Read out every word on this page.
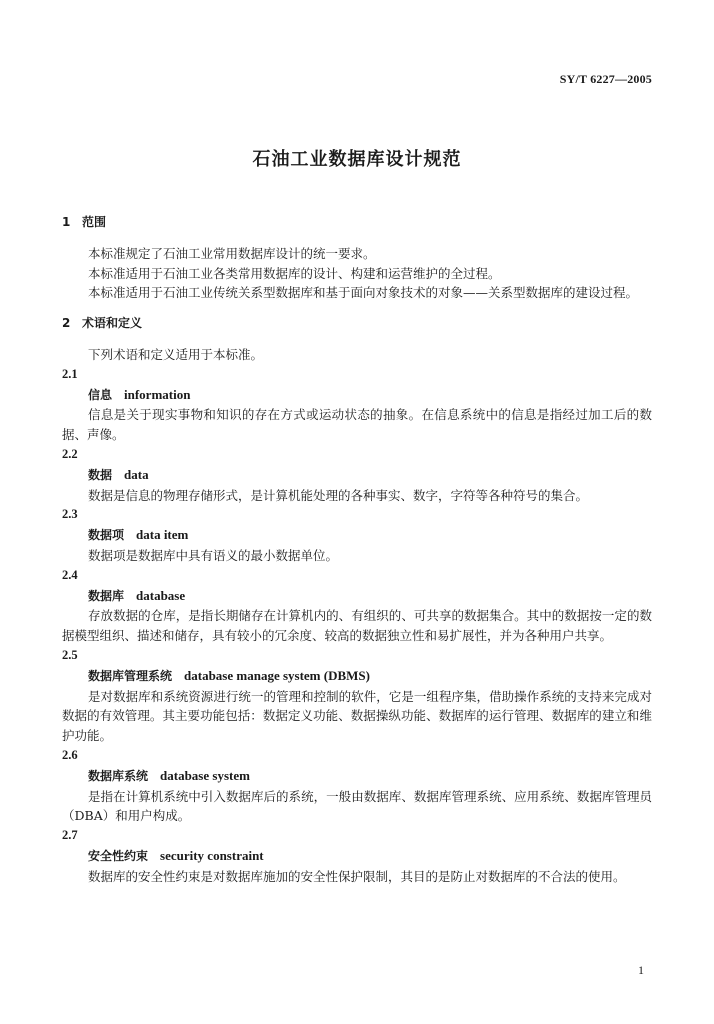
SY/T 6227—2005
石油工业数据库设计规范
1 范围

本标准规定了石油工业常用数据库设计的统一要求。

本标准适用于石油工业各类常用数据库的设计、构建和运营维护的全过程。

本标准适用于石油工业传统关系型数据库和基于面向对象技术的对象——关系型数据库的建设过程。

2 术语和定义

下列术语和定义适用于本标准。

2.1

信息 information

信息是关于现实事物和知识的存在方式或运动状态的抽象。在信息系统中的信息是指经过加工后的数据、声像。

2.2

数据 data

数据是信息的物理存储形式，是计算机能处理的各种事实、数字，字符等各种符号的集合。

2.3

数据项 data item

数据项是数据库中具有语义的最小数据单位。

2.4

数据库 database

存放数据的仓库，是指长期储存在计算机内的、有组织的、可共享的数据集合。其中的数据按一定的数据模型组织、描述和储存，具有较小的冗余度、较高的数据独立性和易扩展性，并为各种用户共享。

2.5

数据库管理系统 database manage system (DBMS)

是对数据库和系统资源进行统一的管理和控制的软件，它是一组程序集，借助操作系统的支持来完成对数据的有效管理。其主要功能包括：数据定义功能、数据操纵功能、数据库的运行管理、数据库的建立和维护功能。

2.6

数据库系统 database system

是指在计算机系统中引入数据库后的系统，一般由数据库、数据库管理系统、应用系统、数据库管理员（DBA）和用户构成。

2.7

安全性约束 security constraint

数据库的安全性约束是对数据库施加的安全性保护限制，其目的是防止对数据库的不合法的使用。

1
